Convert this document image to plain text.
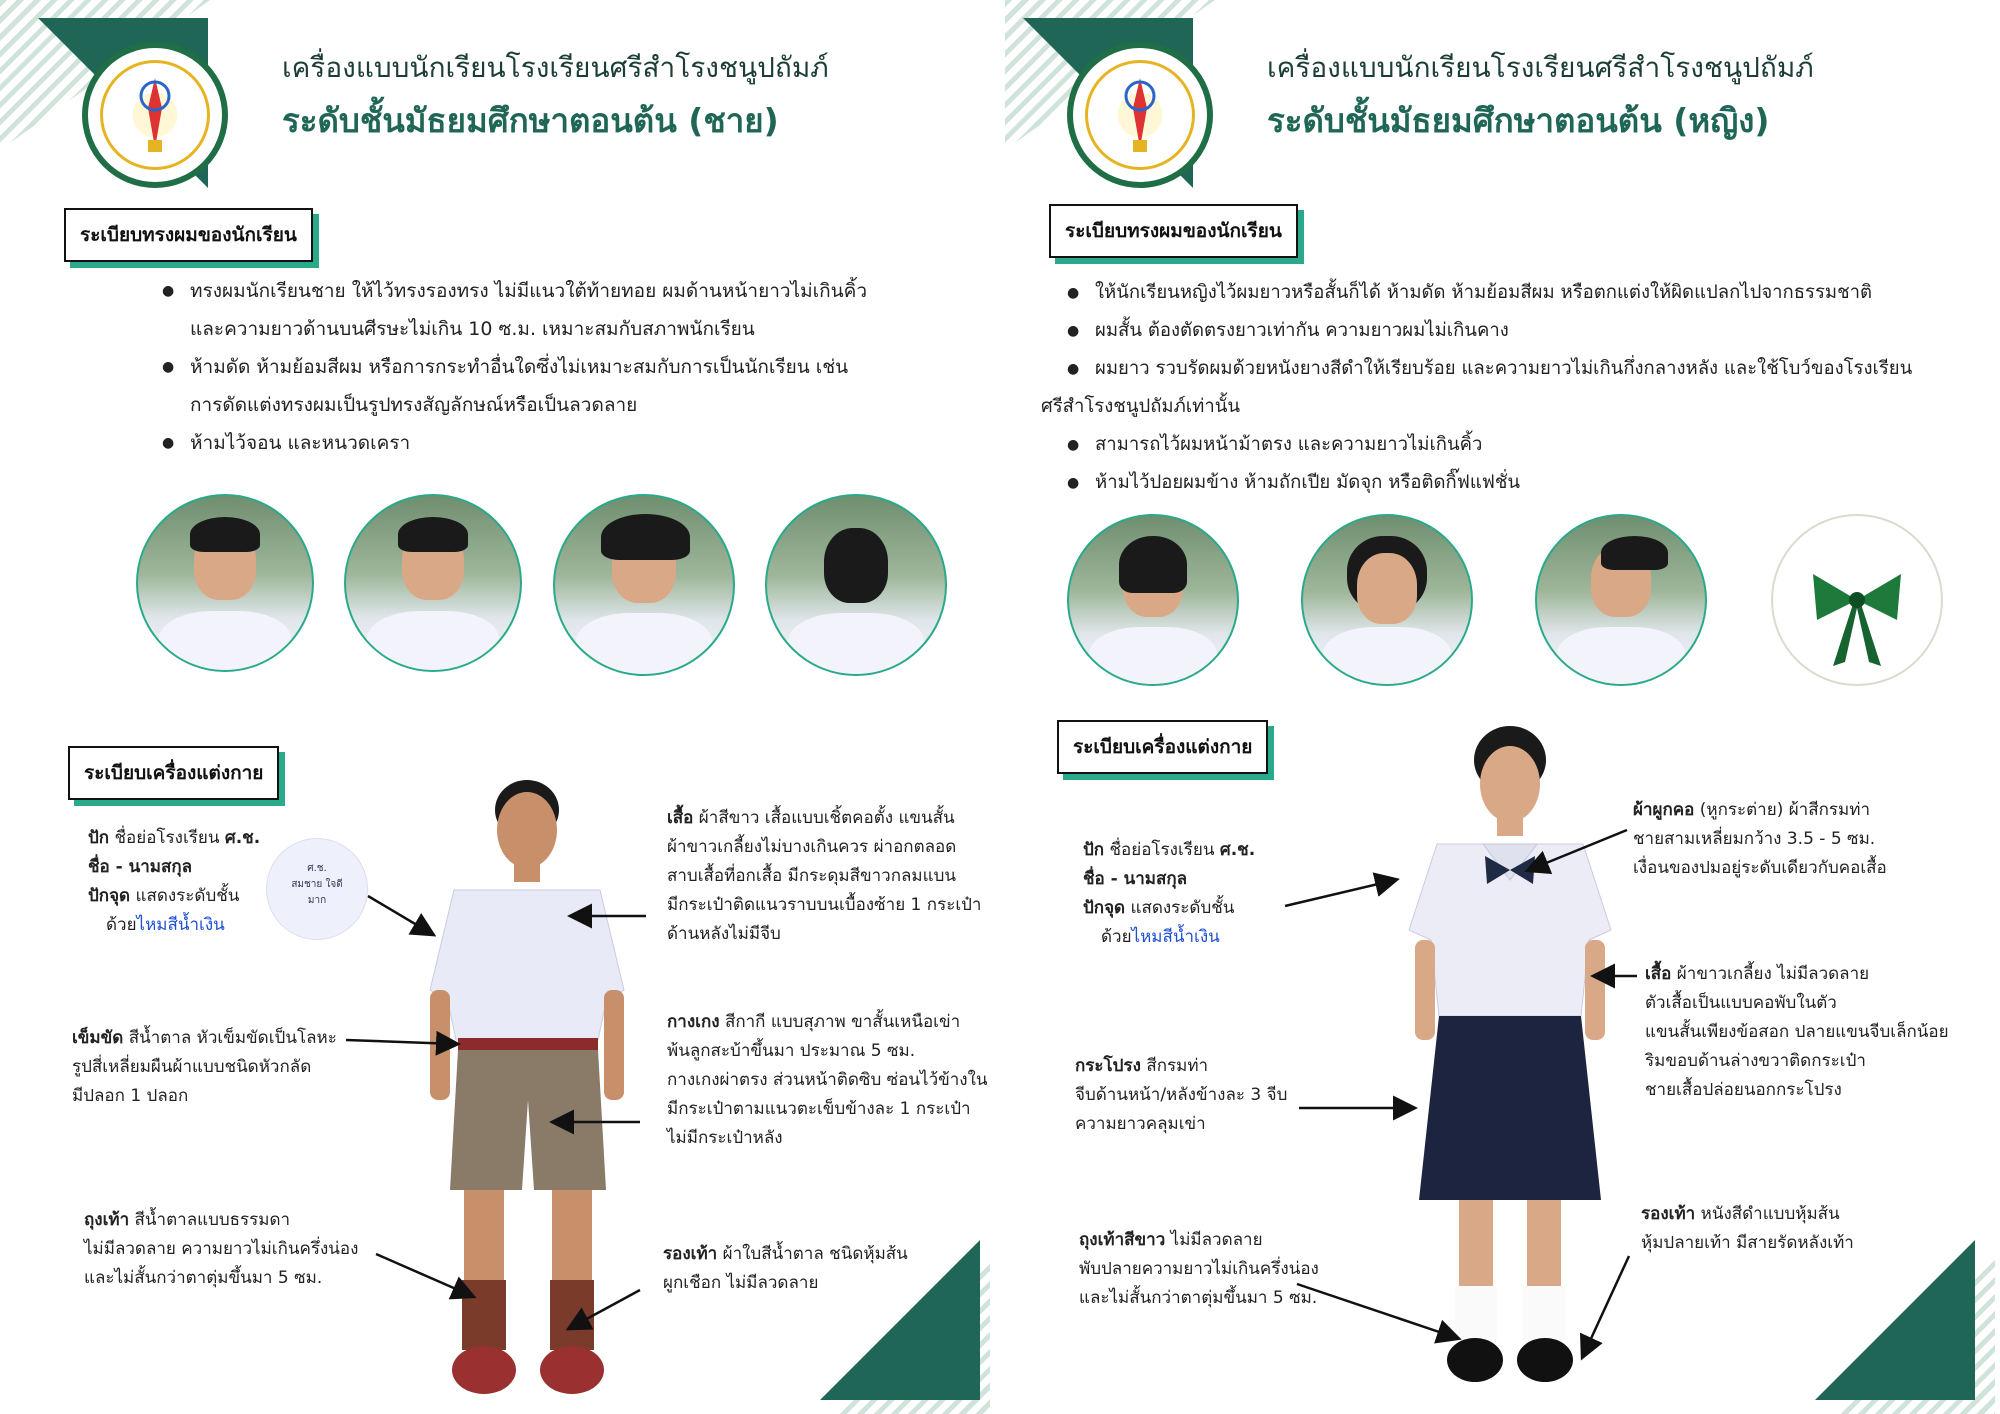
เครื่องแบบนักเรียนโรงเรียนศรีสำโรงชนูปถัมภ์
ระดับชั้นมัธยมศึกษาตอนต้น (ชาย)
ระเบียบทรงผมของนักเรียน
● ทรงผมนักเรียนชาย ให้ไว้ทรงรองทรง ไม่มีแนวใต้ท้ายทอย ผมด้านหน้ายาวไม่เกินคิ้ว
และความยาวด้านบนศีรษะไม่เกิน 10 ซ.ม. เหมาะสมกับสภาพนักเรียน
● ห้ามดัด ห้ามย้อมสีผม หรือการกระทำอื่นใดซึ่งไม่เหมาะสมกับการเป็นนักเรียน เช่น
การดัดแต่งทรงผมเป็นรูปทรงสัญลักษณ์หรือเป็นลวดลาย
● ห้ามไว้จอน และหนวดเครา
ระเบียบเครื่องแต่งกาย
ศ.ช.
สมชาย ใจดีมาก
ปัก ชื่อย่อโรงเรียน ศ.ช.
ชื่อ - นามสกุล
ปักจุด แสดงระดับชั้น
ด้วยไหมสีน้ำเงิน
เสื้อ ผ้าสีขาว เสื้อแบบเชิ้ตคอตั้ง แขนสั้น
ผ้าขาวเกลี้ยงไม่บางเกินควร ผ่าอกตลอด
สาบเสื้อที่อกเสื้อ มีกระดุมสีขาวกลมแบน
มีกระเป๋าติดแนวราบบนเบื้องซ้าย 1 กระเป๋า
ด้านหลังไม่มีจีบ
เข็มขัด สีน้ำตาล หัวเข็มขัดเป็นโลหะ
รูปสี่เหลี่ยมผืนผ้าแบบชนิดหัวกลัด
มีปลอก 1 ปลอก
กางเกง สีกากี แบบสุภาพ ขาสั้นเหนือเข่า
พ้นลูกสะบ้าขึ้นมา ประมาณ 5 ซม.
กางเกงผ่าตรง ส่วนหน้าติดซิบ ซ่อนไว้ข้างใน
มีกระเป๋าตามแนวตะเข็บข้างละ 1 กระเป๋า
ไม่มีกระเป๋าหลัง
ถุงเท้า สีน้ำตาลแบบธรรมดา
ไม่มีลวดลาย ความยาวไม่เกินครึ่งน่อง
และไม่สั้นกว่าตาตุ่มขึ้นมา 5 ซม.
รองเท้า ผ้าใบสีน้ำตาล ชนิดหุ้มส้น
ผูกเชือก ไม่มีลวดลาย
เครื่องแบบนักเรียนโรงเรียนศรีสำโรงชนูปถัมภ์
ระดับชั้นมัธยมศึกษาตอนต้น (หญิง)
ระเบียบทรงผมของนักเรียน
● ให้นักเรียนหญิงไว้ผมยาวหรือสั้นก็ได้ ห้ามดัด ห้ามย้อมสีผม หรือตกแต่งให้ผิดแปลกไปจากธรรมชาติ
● ผมสั้น ต้องตัดตรงยาวเท่ากัน ความยาวผมไม่เกินคาง
● ผมยาว รวบรัดผมด้วยหนังยางสีดำให้เรียบร้อย และความยาวไม่เกินกึ่งกลางหลัง และใช้โบว์ของโรงเรียน
ศรีสำโรงชนูปถัมภ์เท่านั้น
● สามารถไว้ผมหน้าม้าตรง และความยาวไม่เกินคิ้ว
● ห้ามไว้ปอยผมข้าง ห้ามถักเปีย มัดจุก หรือติดกิ๊ฟแฟชั่น
ระเบียบเครื่องแต่งกาย
ผ้าผูกคอ (หูกระต่าย) ผ้าสีกรมท่า
ชายสามเหลี่ยมกว้าง 3.5 - 5 ซม.
เงื่อนของปมอยู่ระดับเดียวกับคอเสื้อ
ปัก ชื่อย่อโรงเรียน ศ.ช.
ชื่อ - นามสกุล
ปักจุด แสดงระดับชั้น
ด้วยไหมสีน้ำเงิน
เสื้อ ผ้าขาวเกลี้ยง ไม่มีลวดลาย
ตัวเสื้อเป็นแบบคอพับในตัว
แขนสั้นเพียงข้อสอก ปลายแขนจีบเล็กน้อย
ริมขอบด้านล่างขวาติดกระเป๋า
ชายเสื้อปล่อยนอกกระโปรง
กระโปรง สีกรมท่า
จีบด้านหน้า/หลังข้างละ 3 จีบ
ความยาวคลุมเข่า
รองเท้า หนังสีดำแบบหุ้มส้น
หุ้มปลายเท้า มีสายรัดหลังเท้า
ถุงเท้าสีขาว ไม่มีลวดลาย
พับปลายความยาวไม่เกินครึ่งน่อง
และไม่สั้นกว่าตาตุ่มขึ้นมา 5 ซม.
